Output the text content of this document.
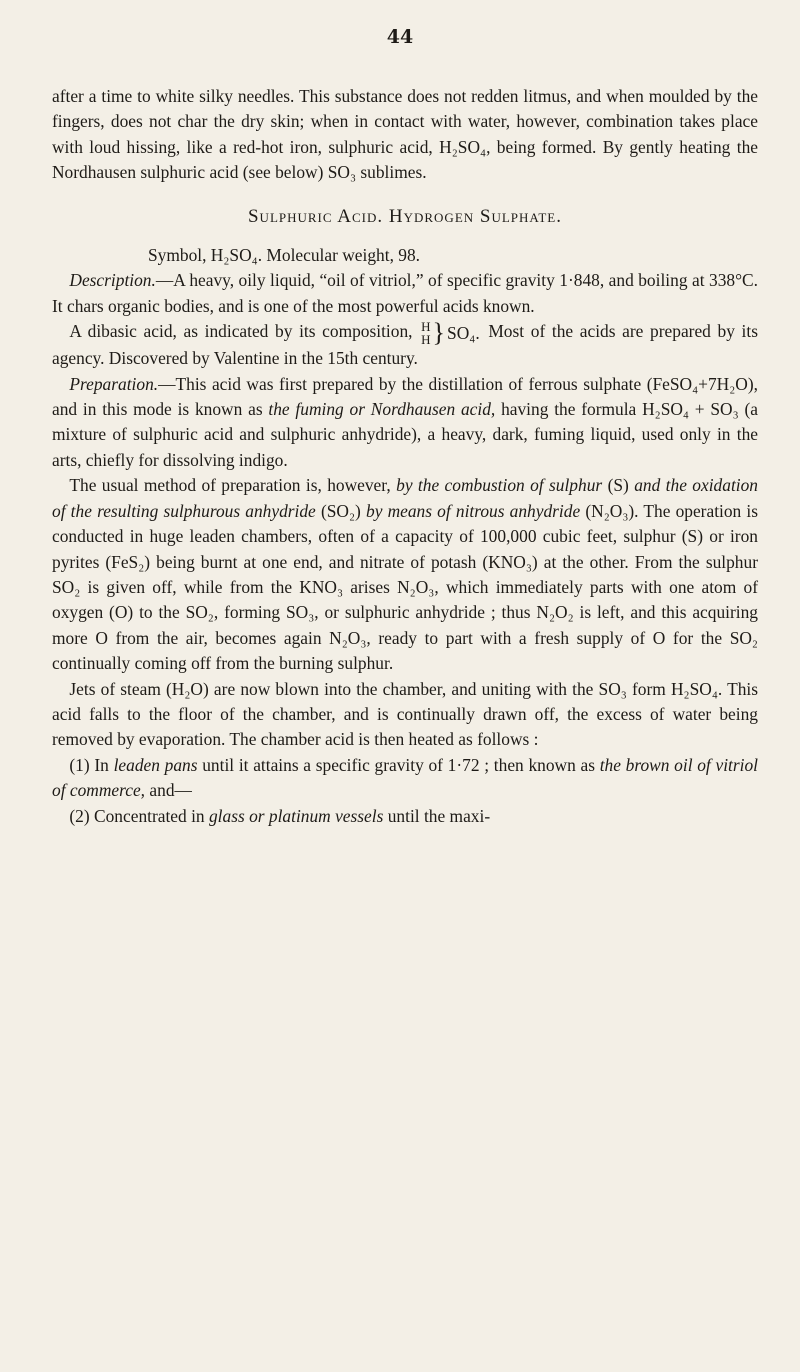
44

after a time to white silky needles. This substance does not redden litmus, and when moulded by the fingers, does not char the dry skin; when in contact with water, however, combination takes place with loud hissing, like a red-hot iron, sulphuric acid, H₂SO₄, being formed. By gently heating the Nordhausen sulphuric acid (see below) SO₃ sublimes.

Sulphuric Acid. Hydrogen Sulphate.

Symbol, H₂SO₄. Molecular weight, 98.

 Description.—A heavy, oily liquid, “oil of vitriol,” of specific gravity 1·848, and boiling at 338°C. It chars organic bodies, and is one of the most powerful acids known.

 A dibasic acid, as indicated by its composition, H
H } SO₄. Most of the acids are prepared by its agency. Discovered by Valentine in the 15th century.

 Preparation.—This acid was first prepared by the distillation of ferrous sulphate (FeSO₄+7H₂O), and in this mode is known as the fuming or Nordhausen acid, having the formula H₂SO₄ + SO₃ (a mixture of sulphuric acid and sulphuric anhydride), a heavy, dark, fuming liquid, used only in the arts, chiefly for dissolving indigo.

 The usual method of preparation is, however, by the combustion of sulphur (S) and the oxidation of the resulting sulphurous anhydride (SO₂) by means of nitrous anhydride (N₂O₃). The operation is conducted in huge leaden chambers, often of a capacity of 100,000 cubic feet, sulphur (S) or iron pyrites (FeS₂) being burnt at one end, and nitrate of potash (KNO₃) at the other. From the sulphur SO₂ is given off, while from the KNO₃ arises N₂O₃, which immediately parts with one atom of oxygen (O) to the SO₂, forming SO₃, or sulphuric anhydride ; thus N₂O₂ is left, and this acquiring more O from the air, becomes again N₂O₃, ready to part with a fresh supply of O for the SO₂ continually coming off from the burning sulphur.

 Jets of steam (H₂O) are now blown into the chamber, and uniting with the SO₃ form H₂SO₄. This acid falls to the floor of the chamber, and is continually drawn off, the excess of water being removed by evaporation. The chamber acid is then heated as follows :

 (1) In leaden pans until it attains a specific gravity of 1·72 ; then known as the brown oil of vitriol of commerce, and—

 (2) Concentrated in glass or platinum vessels until the maxi-
